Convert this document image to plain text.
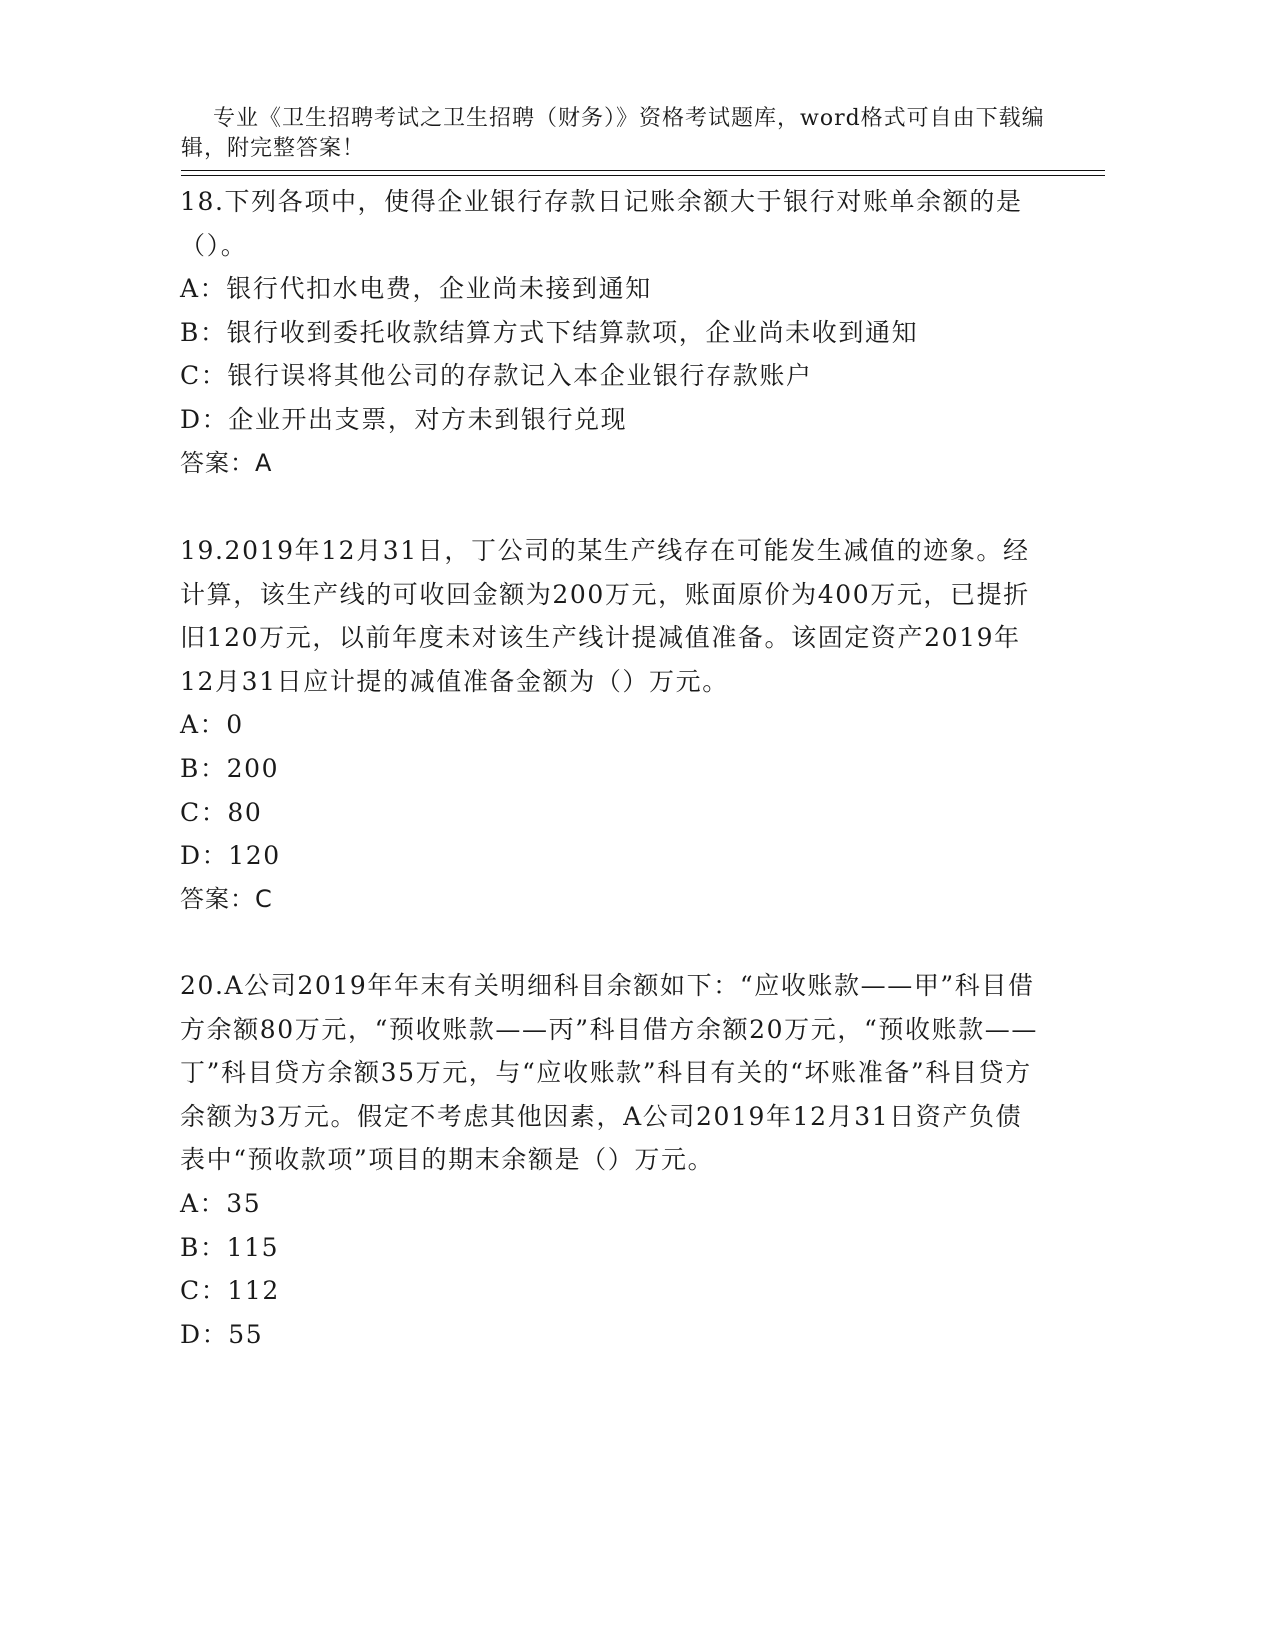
专业《卫生招聘考试之卫生招聘（财务）》资格考试题库，word格式可自由下载编辑，附完整答案！

18.下列各项中，使得企业银行存款日记账余额大于银行对账单余额的是（）。
A：银行代扣水电费，企业尚未接到通知
B：银行收到委托收款结算方式下结算款项，企业尚未收到通知
C：银行误将其他公司的存款记入本企业银行存款账户
D：企业开出支票，对方未到银行兑现
答案：A
19.2019年12月31日，丁公司的某生产线存在可能发生减值的迹象。经计算，该生产线的可收回金额为200万元，账面原价为400万元，已提折旧120万元，以前年度未对该生产线计提减值准备。该固定资产2019年12月31日应计提的减值准备金额为（）万元。
A：0
B：200
C：80
D：120
答案：C
20.A公司2019年年末有关明细科目余额如下：“应收账款——甲”科目借方余额80万元，“预收账款——丙”科目借方余额20万元，“预收账款——丁”科目贷方余额35万元，与“应收账款”科目有关的“坏账准备”科目贷方余额为3万元。假定不考虑其他因素，A公司2019年12月31日资产负债表中“预收款项”项目的期末余额是（）万元。
A：35
B：115
C：112
D：55
